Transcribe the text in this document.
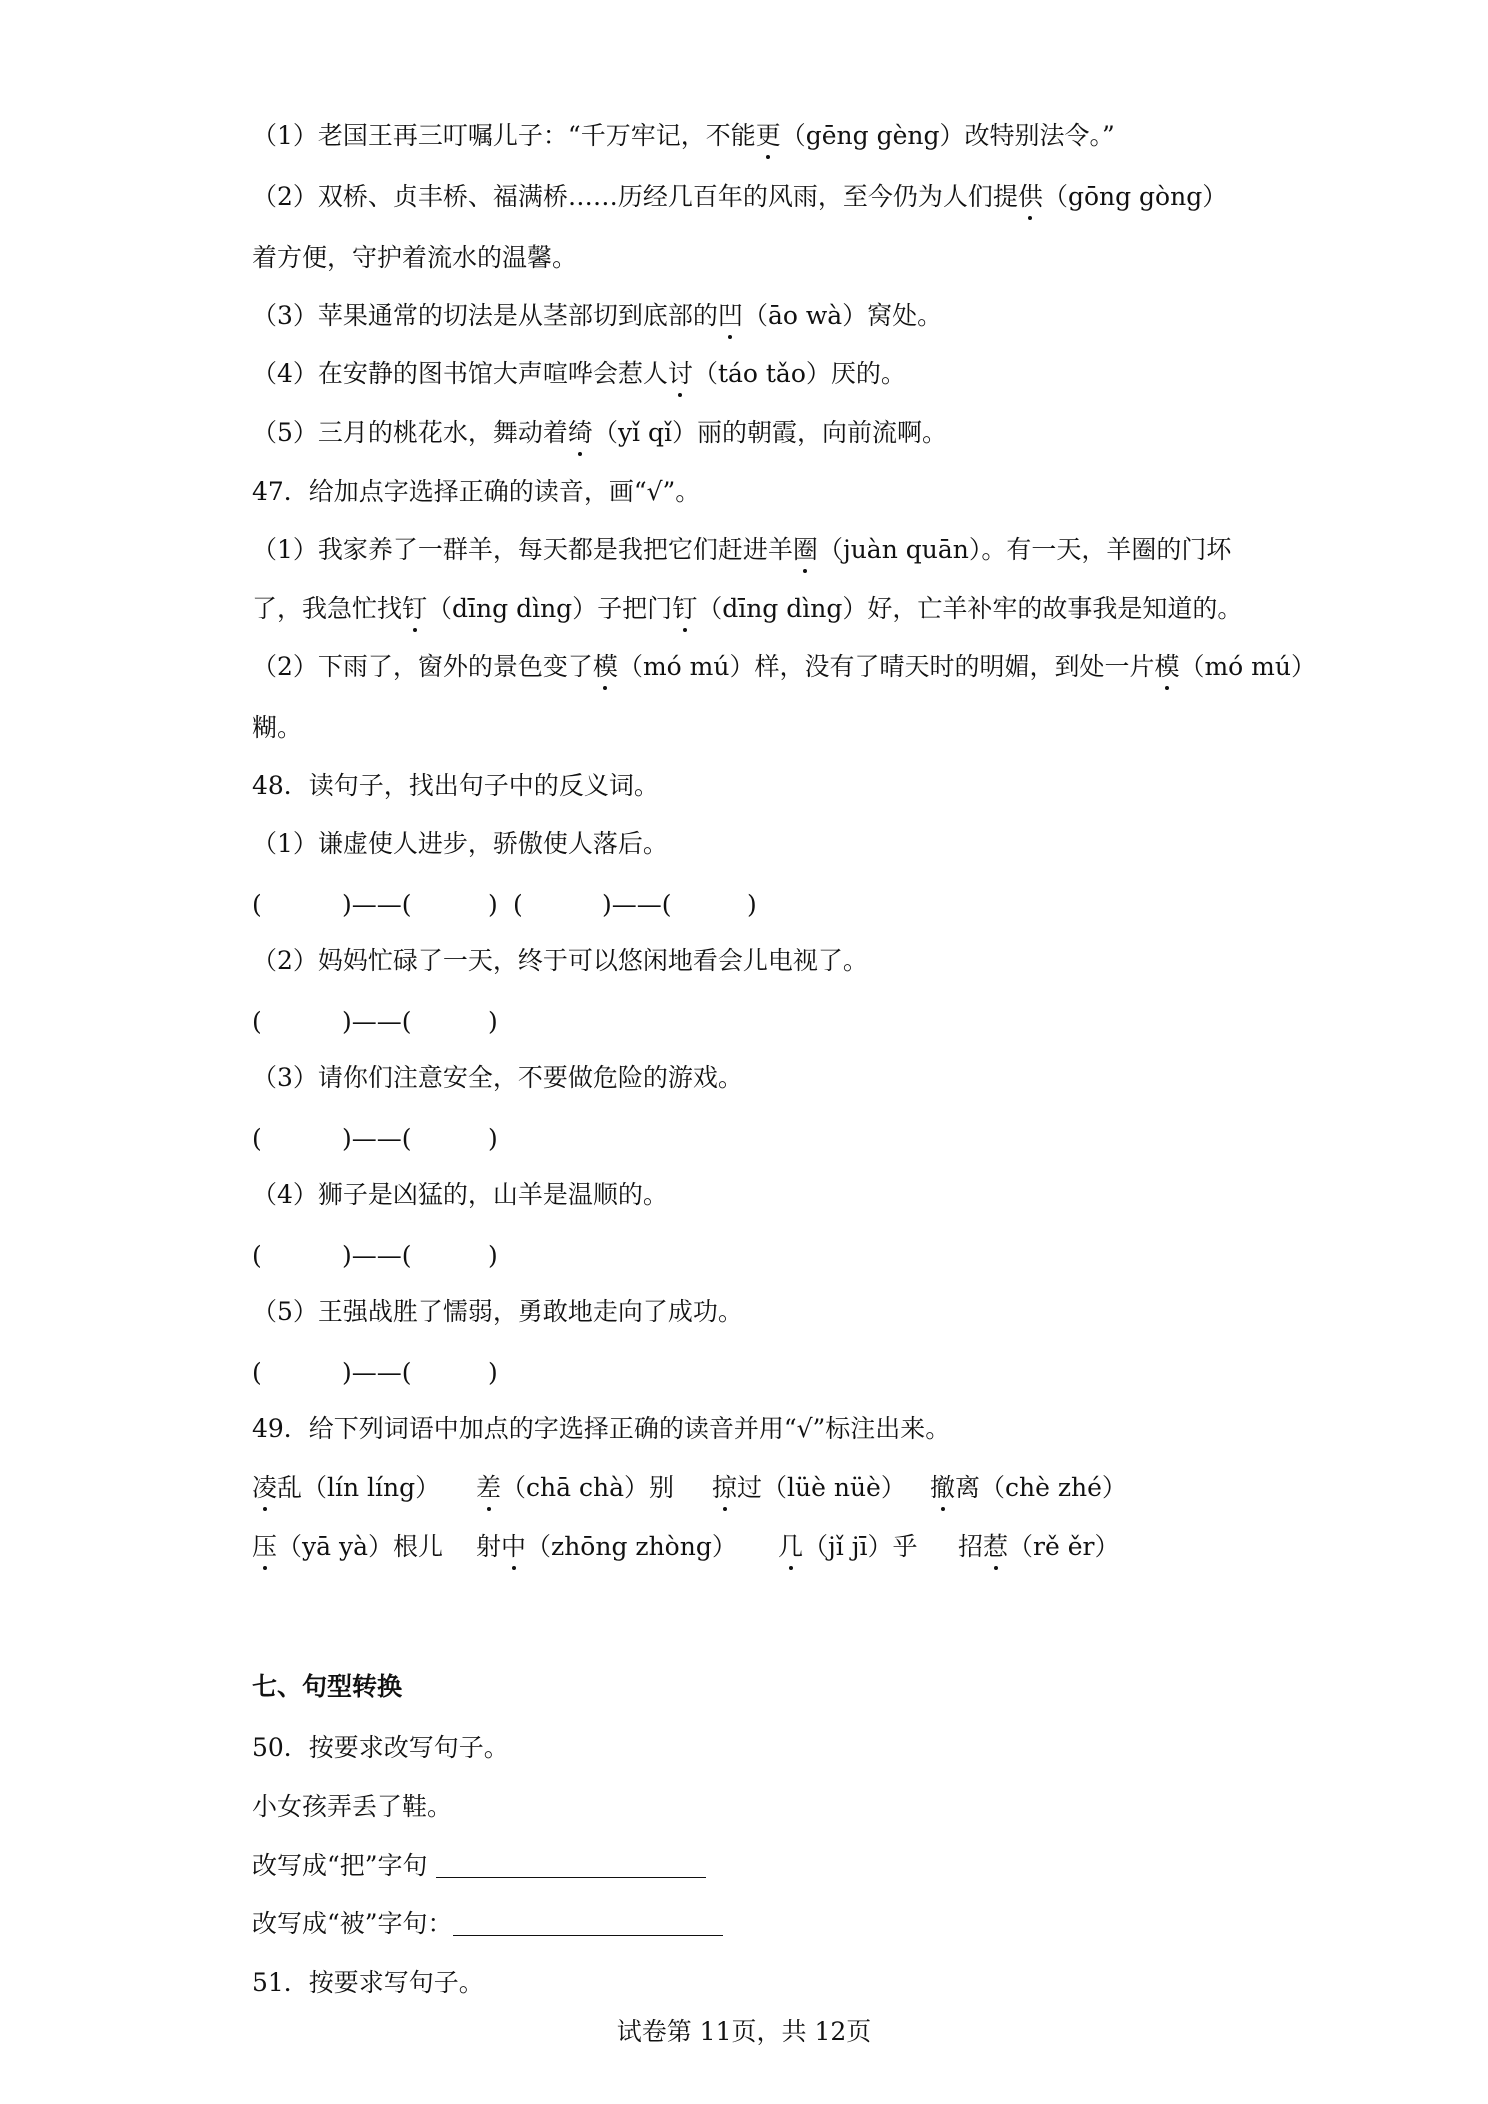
（1）老国王再三叮嘱儿子：“千万牢记，不能更（gēng gèng）改特别法令。”
（2）双桥、贞丰桥、福满桥……历经几百年的风雨，至今仍为人们提供（gōng gòng）
着方便，守护着流水的温馨。
（3）苹果通常的切法是从茎部切到底部的凹（āo wà）窝处。
（4）在安静的图书馆大声喧哗会惹人讨（táo tǎo）厌的。
（5）三月的桃花水，舞动着绮（yǐ qǐ）丽的朝霞，向前流啊。
47．给加点字选择正确的读音，画“√”。
（1）我家养了一群羊，每天都是我把它们赶进羊圈（juàn quān）。有一天，羊圈的门坏
了，我急忙找钉（dīng dìng）子把门钉（dīng dìng）好，亡羊补牢的故事我是知道的。
（2）下雨了，窗外的景色变了模（mó mú）样，没有了晴天时的明媚，到处一片模（mó mú）
糊。
48．读句子，找出句子中的反义词。
（1）谦虚使人进步，骄傲使人落后。
(	)——(	) (	)——(	)
（2）妈妈忙碌了一天，终于可以悠闲地看会儿电视了。
(	)——(	)
（3）请你们注意安全，不要做危险的游戏。
(	)——(	)
（4）狮子是凶猛的，山羊是温顺的。
(	)——(	)
（5）王强战胜了懦弱，勇敢地走向了成功。
(	)——(	)
49．给下列词语中加点的字选择正确的读音并用“√”标注出来。
凌乱（lín líng） 差（chā chà）别 掠过（lüè nüè） 撤离（chè zhé）
压（yā yà）根儿 射中（zhōng zhòng） 几（jǐ jī）乎 招惹（rě ěr）
七、句型转换
50．按要求改写句子。
小女孩弄丢了鞋。
改写成“把”字句
改写成“被”字句：
51．按要求写句子。
试卷第 11页，共 12页
